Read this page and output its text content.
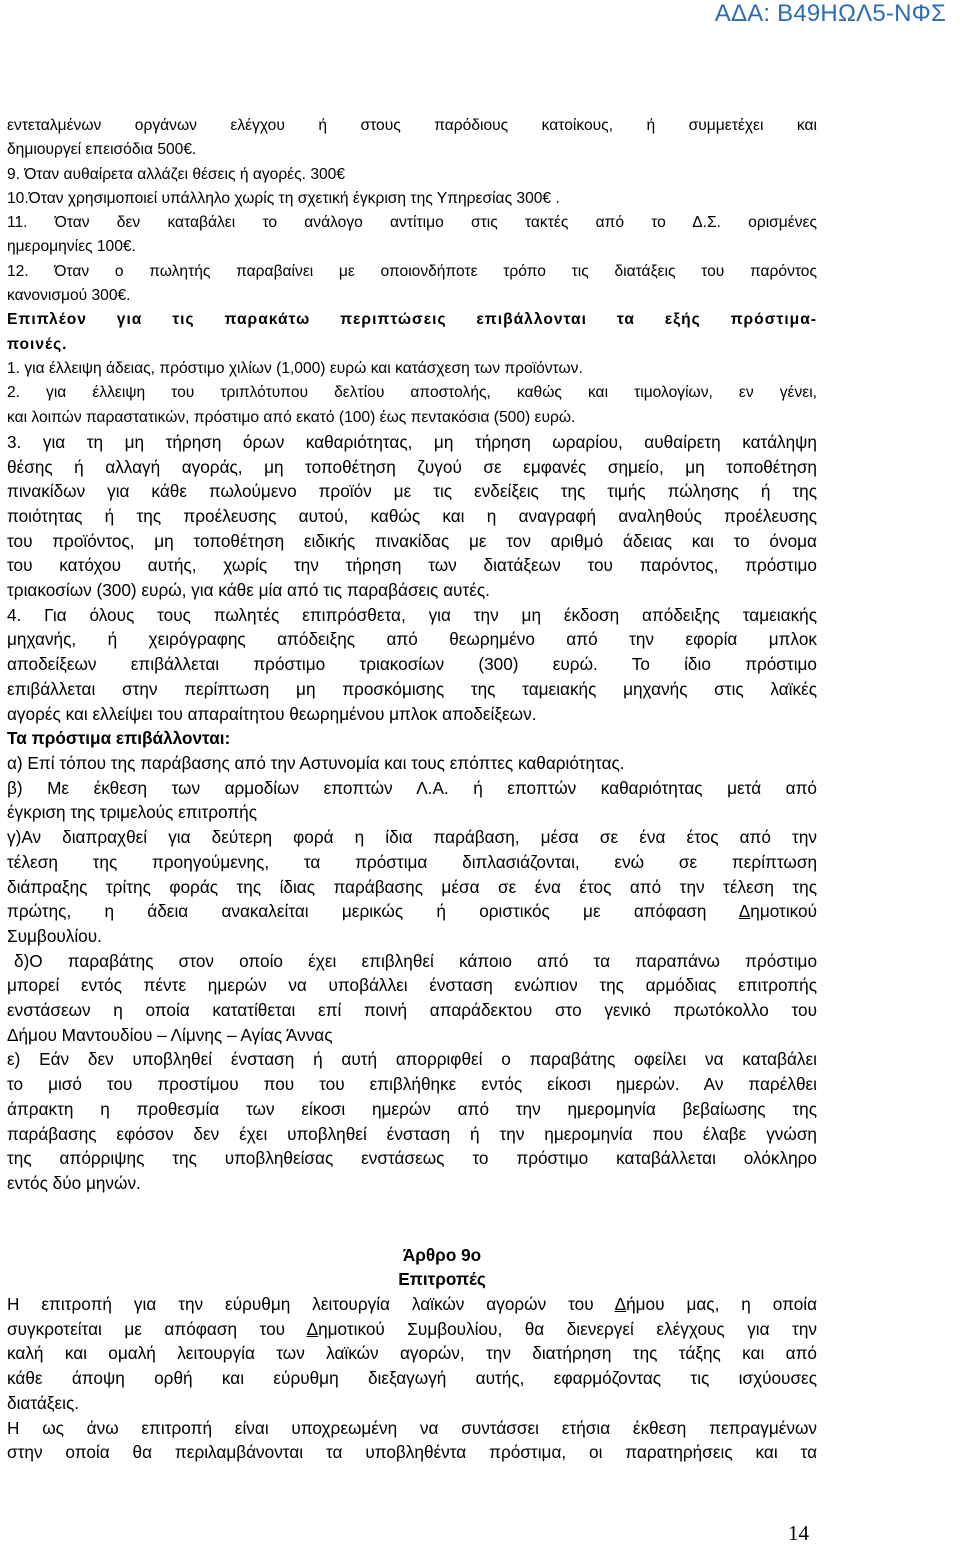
ΑΔΑ: Β49ΗΩΛ5-ΝΦΣ
εντεταλμένων οργάνων ελέγχου ή στους παρόδιους κατοίκους, ή συμμετέχει και
δημιουργεί επεισόδια 500€.
9. Όταν αυθαίρετα αλλάζει θέσεις ή αγορές. 300€
10.Όταν χρησιμοποιεί υπάλληλο χωρίς τη σχετική έγκριση της Υπηρεσίας 300€ .
11. Όταν δεν καταβάλει το ανάλογο αντίτιμο στις τακτές από το Δ.Σ. ορισμένες
ημερομηνίες 100€.
12. Όταν ο πωλητής παραβαίνει με οποιονδήποτε τρόπο τις διατάξεις του παρόντος
κανονισμού 300€.
Επιπλέον για τις παρακάτω περιπτώσεις επιβάλλονται τα εξής πρόστιμα-
ποινές.
1. για έλλειψη άδειας, πρόστιμο χιλίων (1,000) ευρώ και κατάσχεση των προϊόντων.
2. για έλλειψη του τριπλότυπου δελτίου αποστολής, καθώς και τιμολογίων, εν γένει,
και λοιπών παραστατικών, πρόστιμο από εκατό (100) έως πεντακόσια (500) ευρώ.
3. για τη μη τήρηση όρων καθαριότητας, μη τήρηση ωραρίου, αυθαίρετη κατάληψη
θέσης ή αλλαγή αγοράς, μη τοποθέτηση ζυγού σε εμφανές σημείο, μη τοποθέτηση
πινακίδων για κάθε πωλούμενο προϊόν με τις ενδείξεις της τιμής πώλησης ή της
ποιότητας ή της προέλευσης αυτού, καθώς και η αναγραφή αναληθούς προέλευσης
του προϊόντος, μη τοποθέτηση ειδικής πινακίδας με τον αριθμό άδειας και το όνομα
του κατόχου αυτής, χωρίς την τήρηση των διατάξεων του παρόντος, πρόστιμο
τριακοσίων (300) ευρώ, για κάθε μία από τις παραβάσεις αυτές.
4. Για όλους τους πωλητές επιπρόσθετα, για την μη έκδοση απόδειξης ταμειακής
μηχανής, ή χειρόγραφης απόδειξης από θεωρημένο από την εφορία μπλοκ
αποδείξεων επιβάλλεται πρόστιμο τριακοσίων (300) ευρώ. Το ίδιο πρόστιμο
επιβάλλεται στην περίπτωση μη προσκόμισης της ταμειακής μηχανής στις λαϊκές
αγορές και ελλείψει του απαραίτητου θεωρημένου μπλοκ αποδείξεων.
Τα πρόστιμα επιβάλλονται:
α) Επί τόπου της παράβασης από την Αστυνομία και τους επόπτες καθαριότητας.
β) Με έκθεση των αρμοδίων εποπτών Λ.Α. ή εποπτών καθαριότητας μετά από
έγκριση της τριμελούς επιτροπής
γ)Αν διαπραχθεί για δεύτερη φορά η ίδια παράβαση, μέσα σε ένα έτος από την
τέλεση της προηγούμενης, τα πρόστιμα διπλασιάζονται, ενώ σε περίπτωση
διάπραξης τρίτης φοράς της ίδιας παράβασης μέσα σε ένα έτος από την τέλεση της
πρώτης, η άδεια ανακαλείται μερικώς ή οριστικός με απόφαση Δημοτικού
Συμβουλίου.
δ)Ο παραβάτης στον οποίο έχει επιβληθεί κάποιο από τα παραπάνω πρόστιμο
μπορεί εντός πέντε ημερών να υποβάλλει ένσταση ενώπιον της αρμόδιας επιτροπής
ενστάσεων η οποία κατατίθεται επί ποινή απαράδεκτου στο γενικό πρωτόκολλο του
Δήμου Μαντουδίου – Λίμνης – Αγίας Άννας
ε) Εάν δεν υποβληθεί ένσταση ή αυτή απορριφθεί ο παραβάτης οφείλει να καταβάλει
το μισό του προστίμου που του επιβλήθηκε εντός είκοσι ημερών. Αν παρέλθει
άπρακτη η προθεσμία των είκοσι ημερών από την ημερομηνία βεβαίωσης της
παράβασης εφόσον δεν έχει υποβληθεί ένσταση ή την ημερομηνία που έλαβε γνώση
της απόρριψης της υποβληθείσας ενστάσεως το πρόστιμο καταβάλλεται ολόκληρο
εντός δύο μηνών.
Άρθρο 9ο
Επιτροπές
Η επιτροπή για την εύρυθμη λειτουργία λαϊκών αγορών του Δήμου μας, η οποία
συγκροτείται με απόφαση του Δημοτικού Συμβουλίου, θα διενεργεί ελέγχους για την
καλή και ομαλή λειτουργία των λαϊκών αγορών, την διατήρηση της τάξης και από
κάθε άποψη ορθή και εύρυθμη διεξαγωγή αυτής, εφαρμόζοντας τις ισχύουσες
διατάξεις.
Η ως άνω επιτροπή είναι υποχρεωμένη να συντάσσει ετήσια έκθεση πεπραγμένων
στην οποία θα περιλαμβάνονται τα υποβληθέντα πρόστιμα, οι παρατηρήσεις και τα
14
